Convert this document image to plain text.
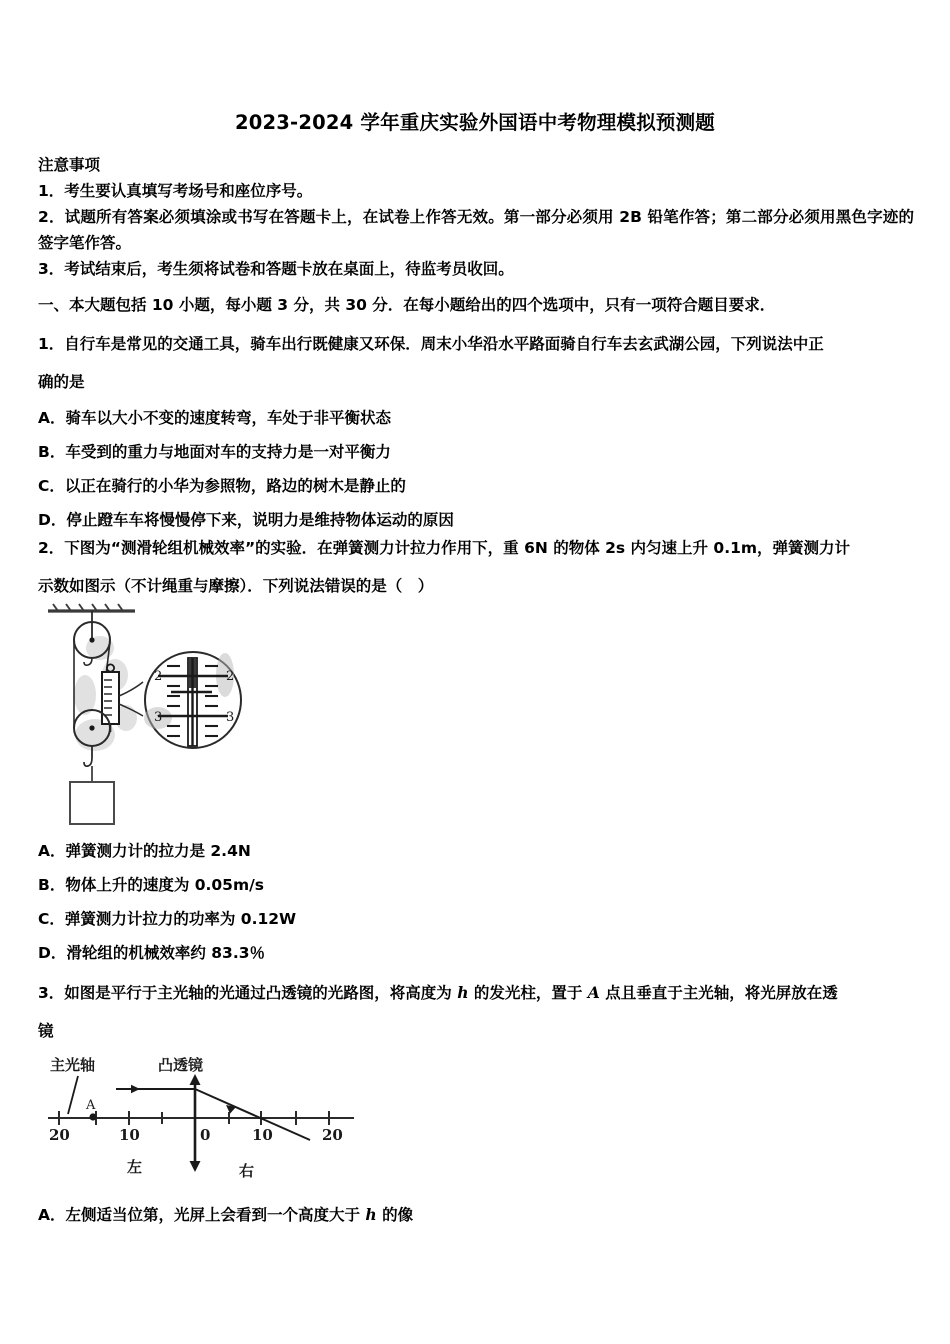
2023-2024 学年重庆实验外国语中考物理模拟预测题
注意事项
1．考生要认真填写考场号和座位序号。
2．试题所有答案必须填涂或书写在答题卡上，在试卷上作答无效。第一部分必须用 2B 铅笔作答；第二部分必须用黑色字迹的签字笔作答。
3．考试结束后，考生须将试卷和答题卡放在桌面上，待监考员收回。
一、本大题包括 10 小题，每小题 3 分，共 30 分．在每小题给出的四个选项中，只有一项符合题目要求．
1．自行车是常见的交通工具，骑车出行既健康又环保．周末小华沿水平路面骑自行车去玄武湖公园，下列说法中正
确的是
A．骑车以大小不变的速度转弯，车处于非平衡状态
B．车受到的重力与地面对车的支持力是一对平衡力
C．以正在骑行的小华为参照物，路边的树木是静止的
D．停止蹬车车将慢慢停下来，说明力是维持物体运动的原因
2．下图为“测滑轮组机械效率”的实验．在弹簧测力计拉力作用下，重 6N 的物体 2s 内匀速上升 0.1m，弹簧测力计
示数如图示（不计绳重与摩擦）．下列说法错误的是（　）
2	2
3	3
A．弹簧测力计的拉力是 2.4N
B．物体上升的速度为 0.05m/s
C．弹簧测力计拉力的功率为 0.12W
D．滑轮组的机械效率约 83.3％
3．如图是平行于主光轴的光通过凸透镜的光路图，将高度为 h 的发光柱，置于 A 点且垂直于主光轴，将光屏放在透
镜
A
主光轴	凸透镜
20	10	0	10	20
左	右
A．左侧适当位第，光屏上会看到一个高度大于 h 的像
